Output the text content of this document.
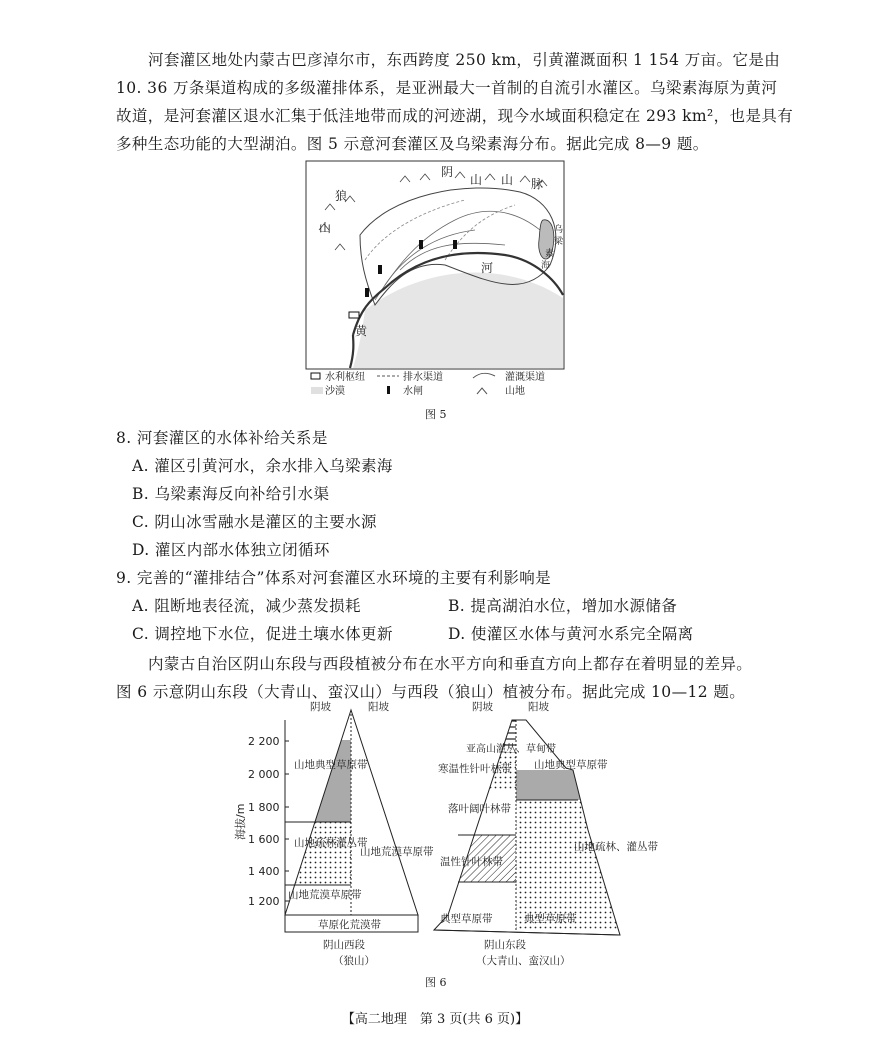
河套灌区地处内蒙古巴彦淖尔市，东西跨度 250 km，引黄灌溉面积 1 154 万亩。它是由
10. 36 万条渠道构成的多级灌排体系，是亚洲最大一首制的自流引水灌区。乌梁素海原为黄河
故道，是河套灌区退水汇集于低洼地带而成的河迹湖，现今水域面积稳定在 293 km²，也是具有
多种生态功能的大型湖泊。图 5 示意河套灌区及乌梁素海分布。据此完成 8—9 题。
阴
山 山 脉
狼
山	乌
梁
素
海
河
黄
水利枢纽	排水渠道	灌溉渠道
沙漠	水闸	山地
图 5
8. 河套灌区的水体补给关系是
A. 灌区引黄河水，余水排入乌梁素海
B. 乌梁素海反向补给引水渠
C. 阴山冰雪融水是灌区的主要水源
D. 灌区内部水体独立闭循环
9. 完善的“灌排结合”体系对河套灌区水环境的主要有利影响是
A. 阻断地表径流，减少蒸发损耗	B. 提高湖泊水位，增加水源储备
C. 调控地下水位，促进土壤水体更新	D. 使灌区水体与黄河水系完全隔离
内蒙古自治区阴山东段与西段植被分布在水平方向和垂直方向上都存在着明显的差异。
图 6 示意阴山东段（大青山、蛮汉山）与西段（狼山）植被分布。据此完成 10—12 题。
海拔/m
2 200
2 000
1 800
1 600
1 400
1 200
阴坡	阳坡
山地典型草原带
山地疏林灌丛带
山地荒漠草原带
山地荒漠草原带
草原化荒漠带
阴山西段
（狼山）
阴坡	阳坡
亚高山灌丛、草甸带
寒温性针叶林带
落叶阔叶林带
温性针叶林带
典型草原带	典型草原带
山地典型草原带
山地疏林、灌丛带
阴山东段
（大青山、蛮汉山）
图 6
【高二地理　第 3 页(共 6 页)】
